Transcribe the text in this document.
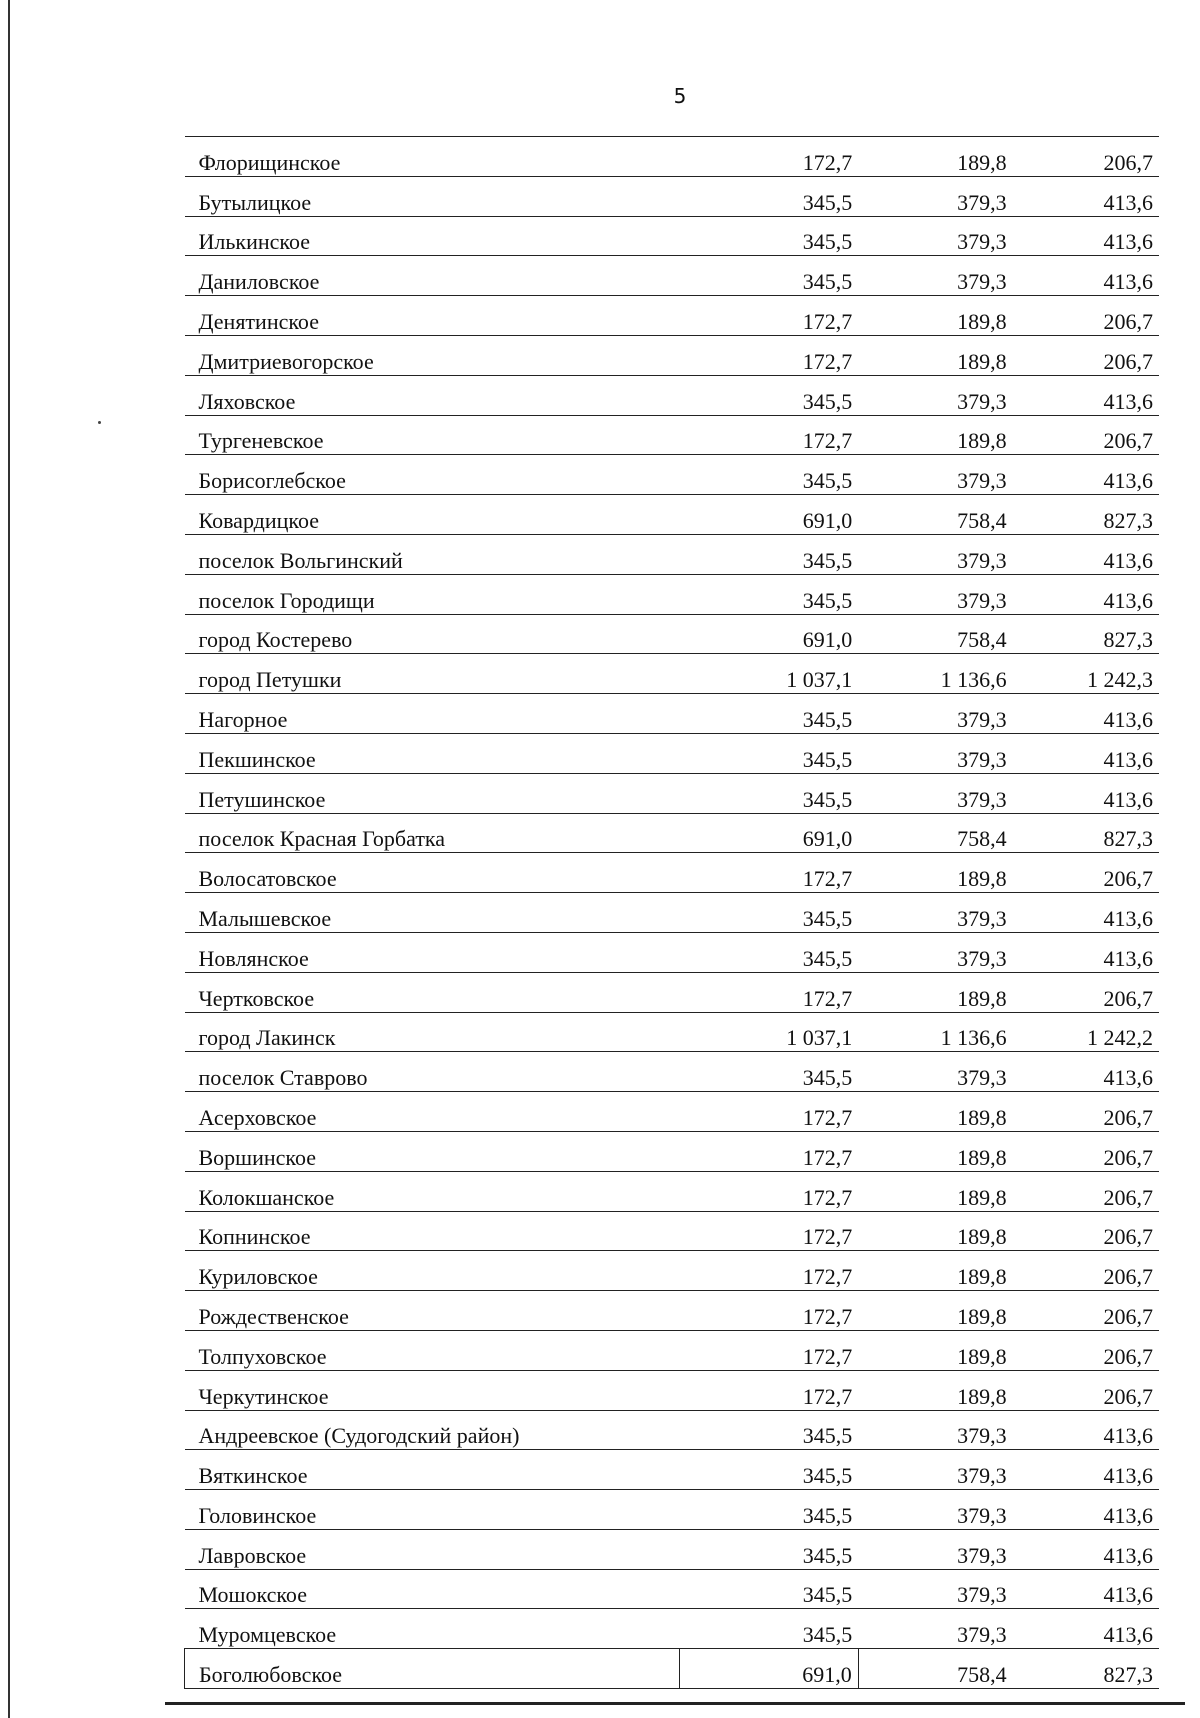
5
Флорищинское	172,7	189,8	206,7
Бутылицкое	345,5	379,3	413,6
Илькинское	345,5	379,3	413,6
Даниловское	345,5	379,3	413,6
Денятинское	172,7	189,8	206,7
Дмитриевогорское	172,7	189,8	206,7
Ляховское	345,5	379,3	413,6
Тургеневское	172,7	189,8	206,7
Борисоглебское	345,5	379,3	413,6
Ковардицкое	691,0	758,4	827,3
поселок Вольгинский	345,5	379,3	413,6
поселок Городищи	345,5	379,3	413,6
город Костерево	691,0	758,4	827,3
город Петушки	1 037,1	1 136,6	1 242,3
Нагорное	345,5	379,3	413,6
Пекшинское	345,5	379,3	413,6
Петушинское	345,5	379,3	413,6
поселок Красная Горбатка	691,0	758,4	827,3
Волосатовское	172,7	189,8	206,7
Малышевское	345,5	379,3	413,6
Новлянское	345,5	379,3	413,6
Чертковское	172,7	189,8	206,7
город Лакинск	1 037,1	1 136,6	1 242,2
поселок Ставрово	345,5	379,3	413,6
Асерховское	172,7	189,8	206,7
Воршинское	172,7	189,8	206,7
Колокшанское	172,7	189,8	206,7
Копнинское	172,7	189,8	206,7
Куриловское	172,7	189,8	206,7
Рождественское	172,7	189,8	206,7
Толпуховское	172,7	189,8	206,7
Черкутинское	172,7	189,8	206,7
Андреевское (Судогодский район)	345,5	379,3	413,6
Вяткинское	345,5	379,3	413,6
Головинское	345,5	379,3	413,6
Лавровское	345,5	379,3	413,6
Мошокское	345,5	379,3	413,6
Муромцевское	345,5	379,3	413,6
Боголюбовское	691,0	758,4	827,3
